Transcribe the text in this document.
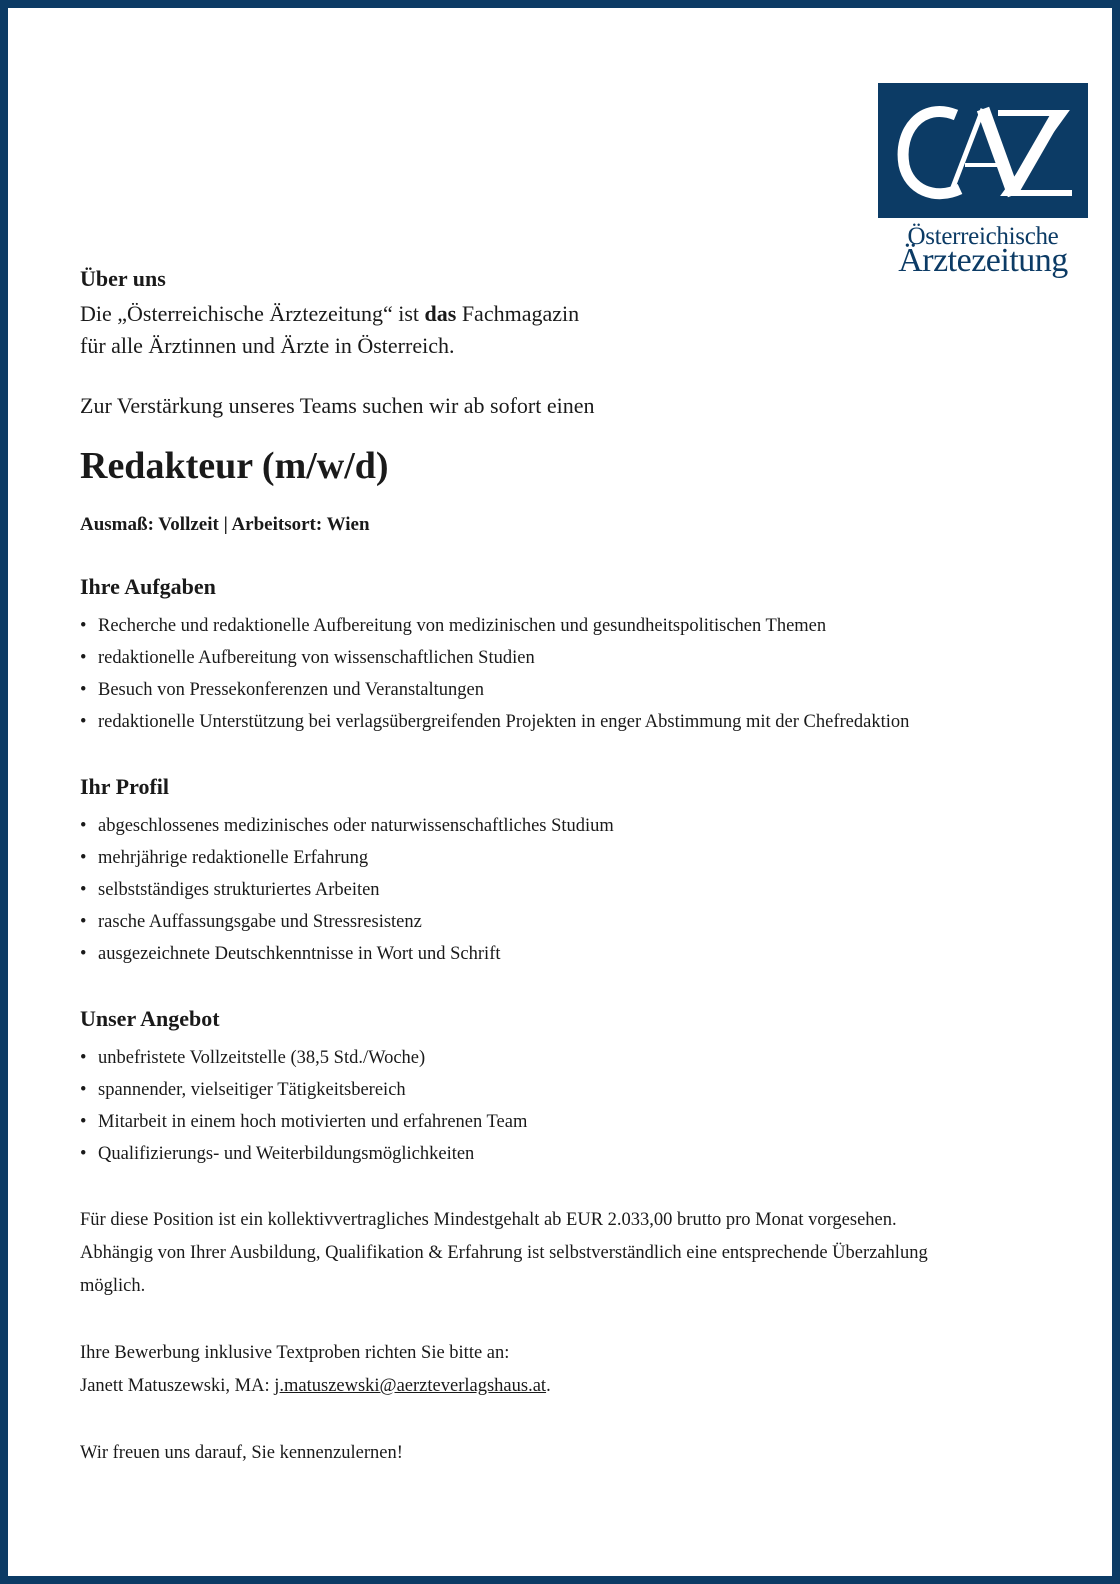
Österreichische
Ärztezeitung
Über uns

Die „Österreichische Ärztezeitung“ ist das Fachmagazin
für alle Ärztinnen und Ärzte in Österreich.

Zur Verstärkung unseres Teams suchen wir ab sofort einen

Redakteur (m/w/d)

Ausmaß: Vollzeit | Arbeitsort: Wien

Ihre Aufgaben
• Recherche und redaktionelle Aufbereitung von medizinischen und gesundheitspolitischen Themen
• redaktionelle Aufbereitung von wissenschaftlichen Studien
• Besuch von Pressekonferenzen und Veranstaltungen
• redaktionelle Unterstützung bei verlagsübergreifenden Projekten in enger Abstimmung mit der Chefredaktion
Ihr Profil
• abgeschlossenes medizinisches oder naturwissenschaftliches Studium
• mehrjährige redaktionelle Erfahrung
• selbstständiges strukturiertes Arbeiten
• rasche Auffassungsgabe und Stressresistenz
• ausgezeichnete Deutschkenntnisse in Wort und Schrift
Unser Angebot
• unbefristete Vollzeitstelle (38,5 Std./Woche)
• spannender, vielseitiger Tätigkeitsbereich
• Mitarbeit in einem hoch motivierten und erfahrenen Team
• Qualifizierungs- und Weiterbildungsmöglichkeiten

Für diese Position ist ein kollektivvertragliches Mindestgehalt ab EUR 2.033,00 brutto pro Monat vorgesehen.
Abhängig von Ihrer Ausbildung, Qualifikation & Erfahrung ist selbstverständlich eine entsprechende Überzahlung
möglich.

Ihre Bewerbung inklusive Textproben richten Sie bitte an:
Janett Matuszewski, MA: j.matuszewski@aerzteverlagshaus.at.

Wir freuen uns darauf, Sie kennenzulernen!
